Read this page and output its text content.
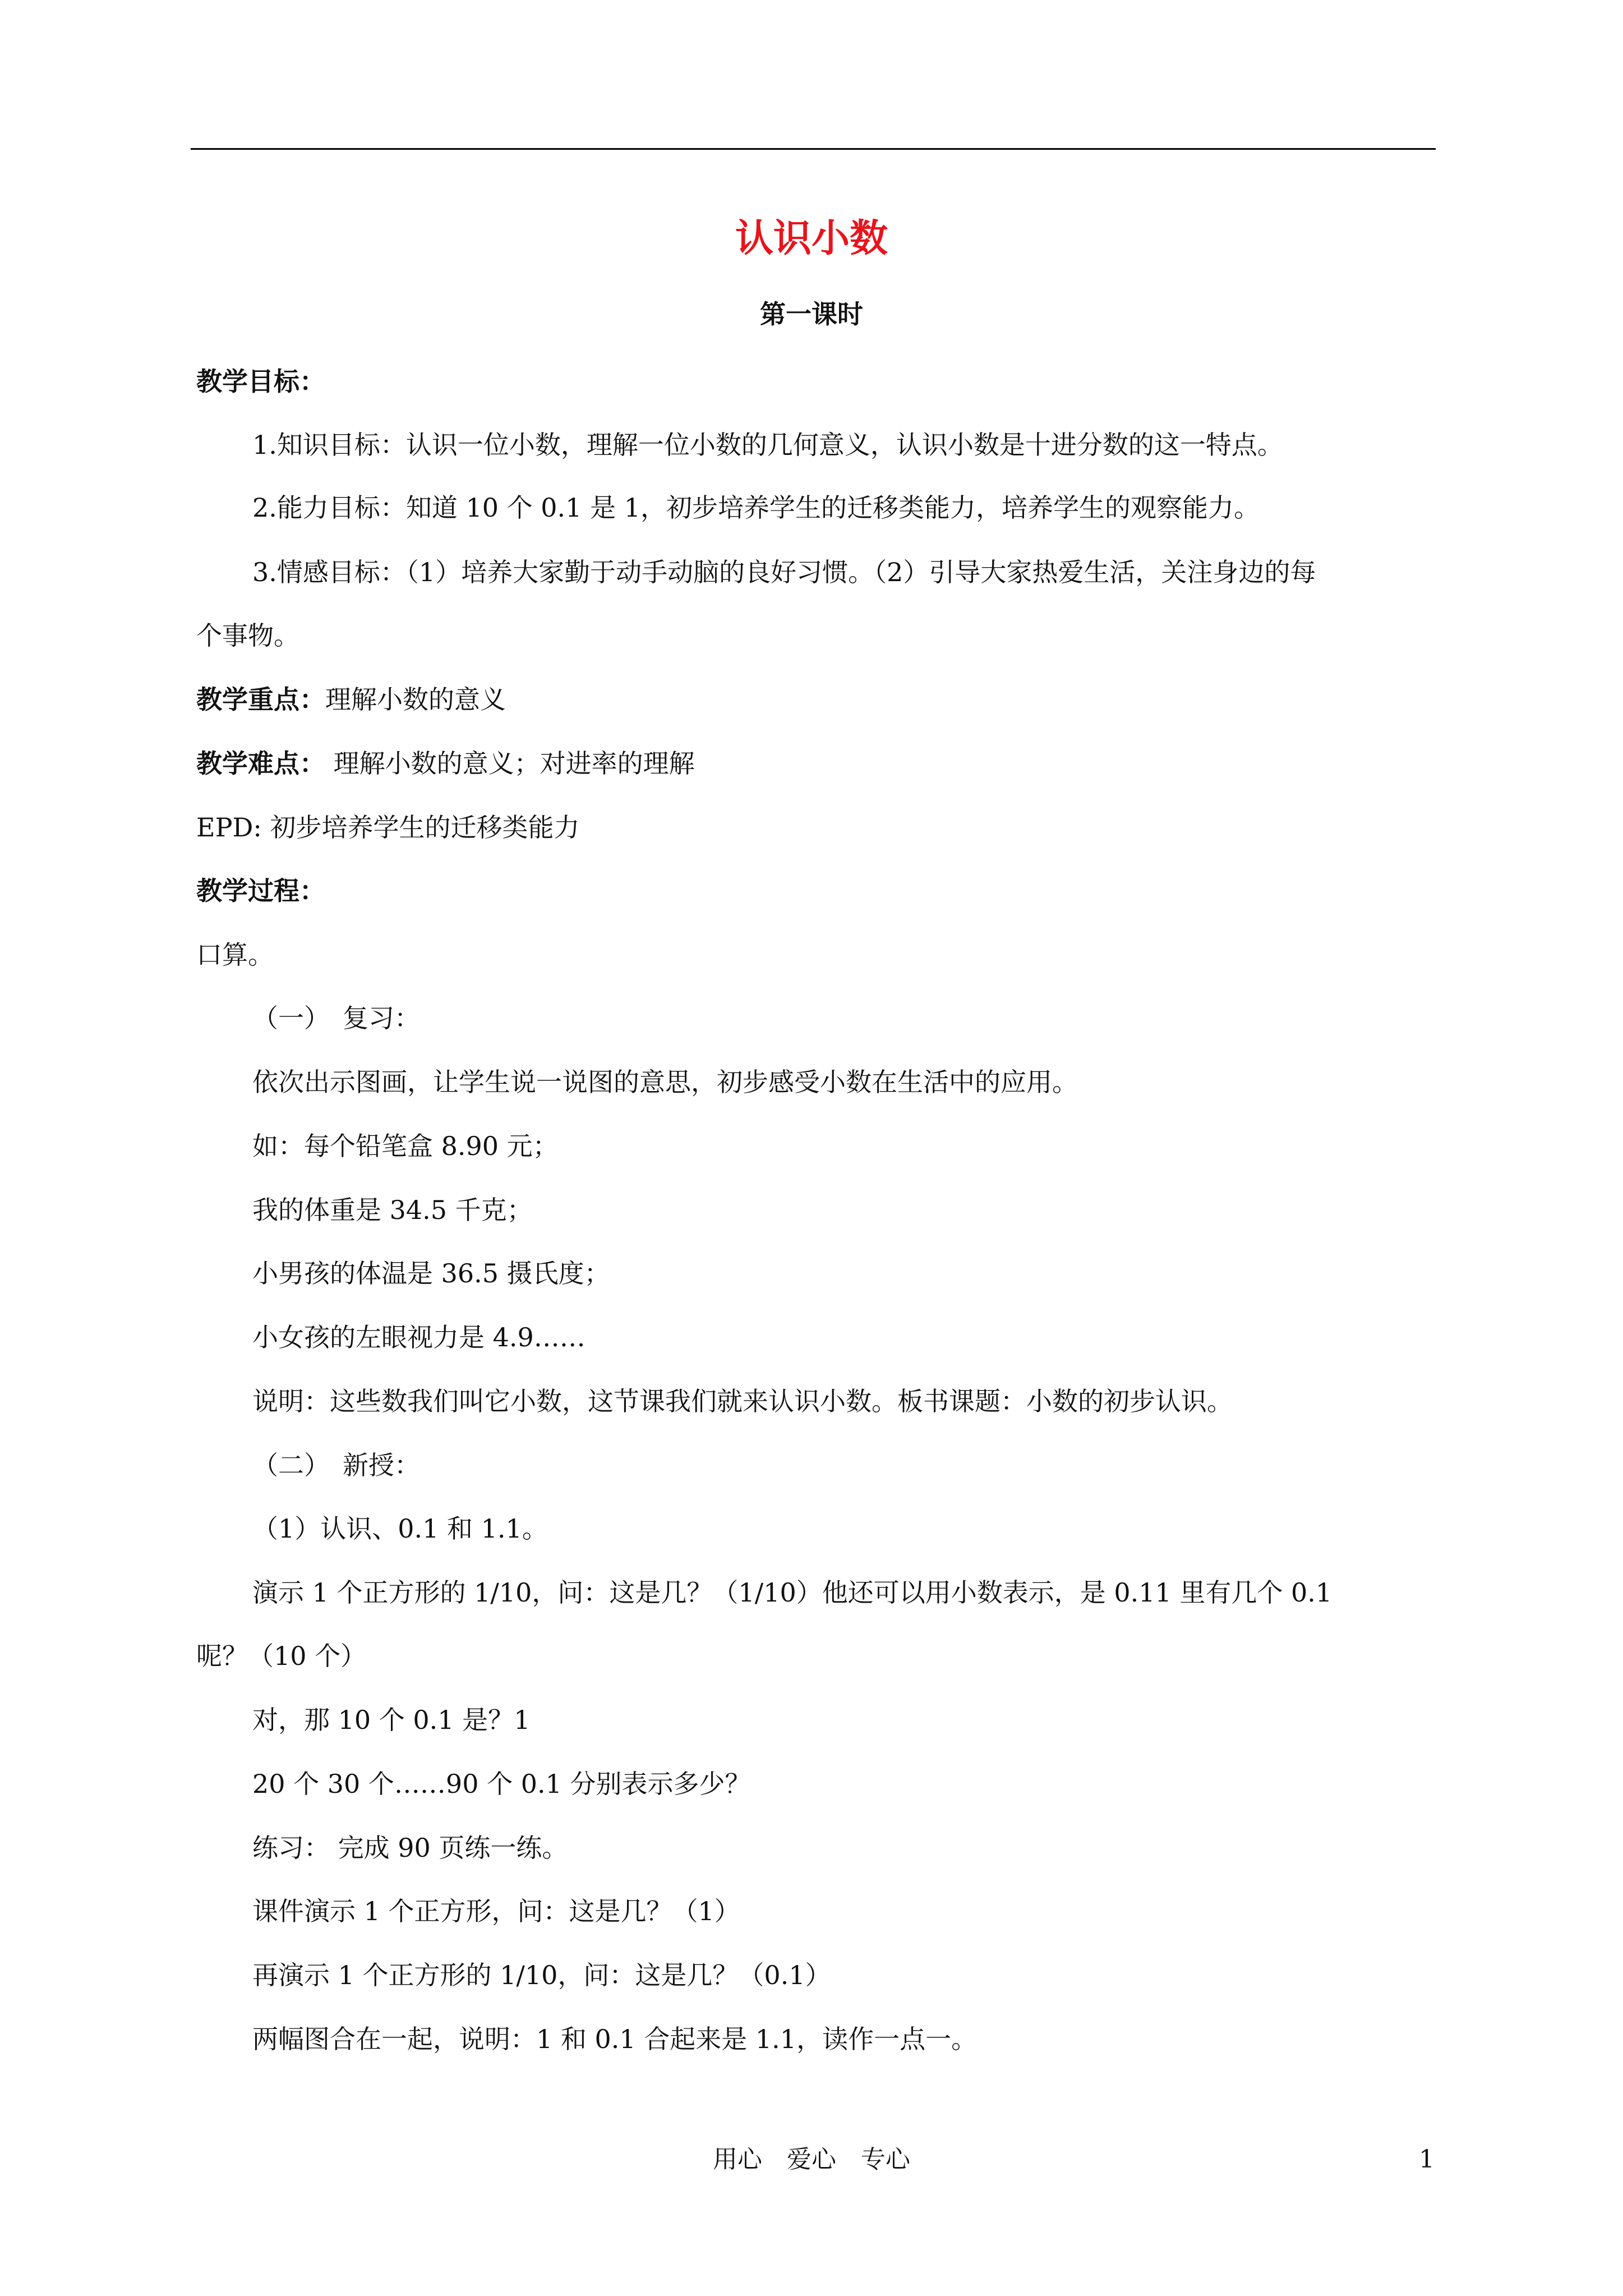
认识小数
第一课时
教学目标：
1.知识目标：认识一位小数，理解一位小数的几何意义，认识小数是十进分数的这一特点。
2.能力目标：知道 10 个 0.1 是 1，初步培养学生的迁移类能力，培养学生的观察能力。
3.情感目标：（1）培养大家勤于动手动脑的良好习惯。（2）引导大家热爱生活，关注身边的每
个事物。
教学重点：理解小数的意义
教学难点： 理解小数的意义；对进率的理解
EPD: 初步培养学生的迁移类能力
教学过程：
口算。
（一）　复习：
依次出示图画，让学生说一说图的意思，初步感受小数在生活中的应用。
如：每个铅笔盒 8.90 元；
我的体重是 34.5 千克；
小男孩的体温是 36.5 摄氏度；
小女孩的左眼视力是 4.9……
说明：这些数我们叫它小数，这节课我们就来认识小数。板书课题：小数的初步认识。
（二）　新授：
（1）认识、0.1 和 1.1。
演示 1 个正方形的 1/10，问：这是几？（1/10）他还可以用小数表示，是 0.11 里有几个 0.1
呢？（10 个）
对，那 10 个 0.1 是？1
20 个 30 个……90 个 0.1 分别表示多少？
练习： 完成 90 页练一练。
课件演示 1 个正方形，问：这是几？（1）
再演示 1 个正方形的 1/10，问：这是几？（0.1）
两幅图合在一起，说明：1 和 0.1 合起来是 1.1，读作一点一。
用心　爱心　专心	1
